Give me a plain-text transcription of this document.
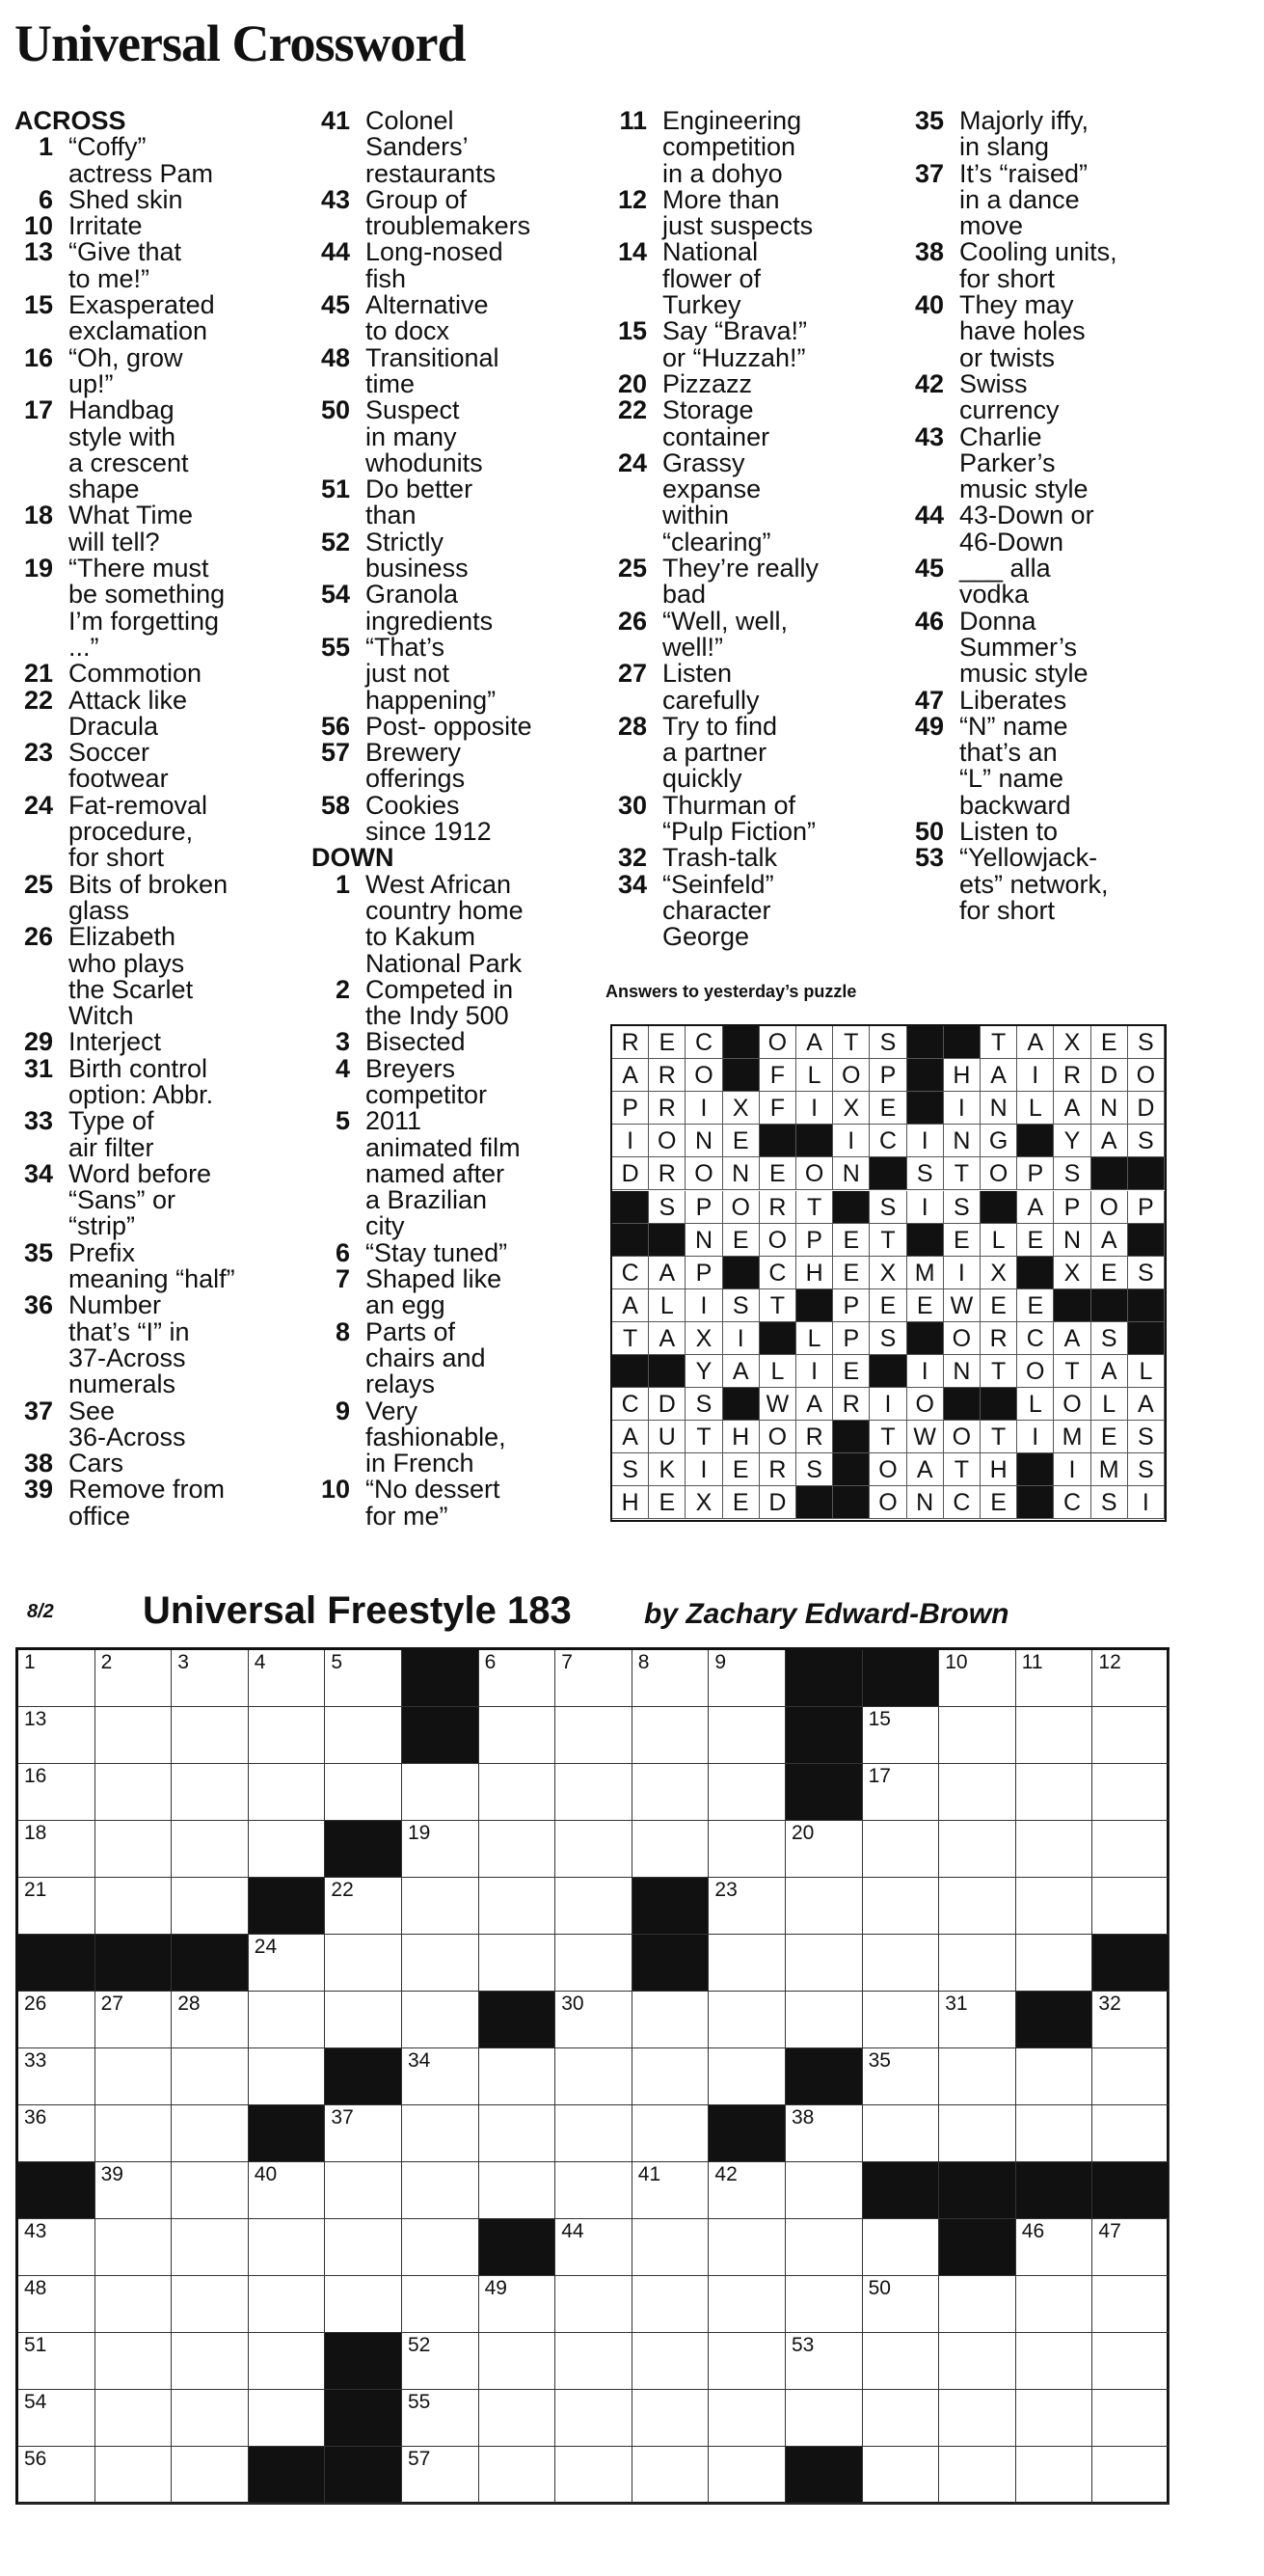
Universal Crossword
ACROSS
1 “Coffy”
actress Pam
6 Shed skin
10 Irritate
13 “Give that
to me!”
15 Exasperated
exclamation
16 “Oh, grow
up!”
17 Handbag
style with
a crescent
shape
18 What Time
will tell?
19 “There must
be something
I’m forgetting
...”
21 Commotion
22 Attack like
Dracula
23 Soccer
footwear
24 Fat-removal
procedure,
for short
25 Bits of broken
glass
26 Elizabeth
who plays
the Scarlet
Witch
29 Interject
31 Birth control
option: Abbr.
33 Type of
air filter
34 Word before
“Sans” or
“strip”
35 Prefix
meaning “half”
36 Number
that’s “I” in
37-Across
numerals
37 See
36-Across
38 Cars
39 Remove from
office
41 Colonel
Sanders’
restaurants
43 Group of
troublemakers
44 Long-nosed
fish
45 Alternative
to docx
48 Transitional
time
50 Suspect
in many
whodunits
51 Do better
than
52 Strictly
business
54 Granola
ingredients
55 “That’s
just not
happening”
56 Post- opposite
57 Brewery
offerings
58 Cookies
since 1912
DOWN
1 West African
country home
to Kakum
National Park
2 Competed in
the Indy 500
3 Bisected
4 Breyers
competitor
5 2011
animated film
named after
a Brazilian
city
6 “Stay tuned”
7 Shaped like
an egg
8 Parts of
chairs and
relays
9 Very
fashionable,
in French
10 “No dessert
for me”
11 Engineering
competition
in a dohyo
12 More than
just suspects
14 National
flower of
Turkey
15 Say “Brava!”
or “Huzzah!”
20 Pizzazz
22 Storage
container
24 Grassy
expanse
within
“clearing”
25 They’re really
bad
26 “Well, well,
well!”
27 Listen
carefully
28 Try to find
a partner
quickly
30 Thurman of
“Pulp Fiction”
32 Trash-talk
34 “Seinfeld”
character
George
35 Majorly iffy,
in slang
37 It’s “raised”
in a dance
move
38 Cooling units,
for short
40 They may
have holes
or twists
42 Swiss
currency
43 Charlie
Parker’s
music style
44 43-Down or
46-Down
45 ___ alla
vodka
46 Donna
Summer’s
music style
47 Liberates
49 “N” name
that’s an
“L” name
backward
50 Listen to
53 “Yellowjack-
ets” network,
for short
Answers to yesterday’s puzzle
R E C	O A T S	T A X E S
A R O	F L O P	H A	I	R D O
P R	I	X F	I	X E	I	N L A N D
I O N E	I	C	I	N G	Y A S
D R O N E O N	S T O P S
S P O R T	S	I	S	A P O P
N E O P E T	E L E N A
C A P	C H E X M I	X	X E S
A L	I	S T	P E E W E E
T A X	I	L P S	O R C A S
Y A L	I	E	I	N T O T A L
C D S	W A R	I	O	L O L A
A U T H O R	T W O T	I M E S
S K	I	E R S	O A T H	I M S
H E X E D	O N C E	C S	I
8/2 Universal Freestyle 183	by Zachary Edward-Brown
1	2	3	4	5	6	7	8	9	10	11	12
13	15
16	17
18	19	20
21	22	23
24
26	27	28	30	31	32
33	34	35
36	37	38
39	40	41	42
43	44	46	47
48	49	50
51	52	53
54	55
56	57
